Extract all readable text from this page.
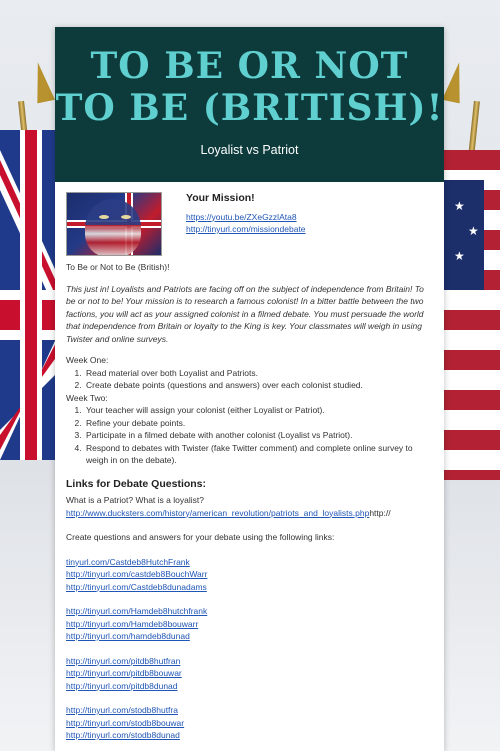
★
★
★
TO BE OR NOT
TO BE (BRITISH)!
Loyalist vs Patriot
Your Mission!
https://youtu.be/ZXeGzzlAta8
http://tinyurl.com/missiondebate
To Be or Not to Be (British)!

This just in! Loyalists and Patriots are facing off on the subject of independence from Britain! To be or not to be! Your mission is to research a famous colonist! In a bitter battle between the two factions, you will act as your assigned colonist in a filmed debate. You must persuade the world that independence from Britain or loyalty to the King is key. Your classmates will weigh in using Twister and online surveys.

Week One:
1. Read material over both Loyalist and Patriots.
2. Create debate points (questions and answers) over each colonist studied.
Week Two:
1. Your teacher will assign your colonist (either Loyalist or Patriot).
2. Refine your debate points.
3. Participate in a filmed debate with another colonist (Loyalist vs Patriot).
4. Respond to debates with Twister (fake Twitter comment) and complete online survey to weigh in on the debate).
Links for Debate Questions:
What is a Patriot? What is a loyalist?
http://www.ducksters.com/history/american_revolution/patriots_and_loyalists.phphttp://
Create questions and answers for your debate using the following links:
tinyurl.com/Castdeb8HutchFrank
http://tinyurl.com/castdeb8BouchWarr
http://tinyurl.com/Castdeb8dunadams
http://tinyurl.com/Hamdeb8hutchfrank
http://tinyurl.com/Hamdeb8bouwarr
http://tinyurl.com/hamdeb8dunad
http://tinyurl.com/pitdb8hutfran
http://tinyurl.com/pitdb8bouwar
http://tinyurl.com/pitdb8dunad
http://tinyurl.com/stodb8hutfra
http://tinyurl.com/stodb8bouwar
http://tinyurl.com/stodb8dunad
